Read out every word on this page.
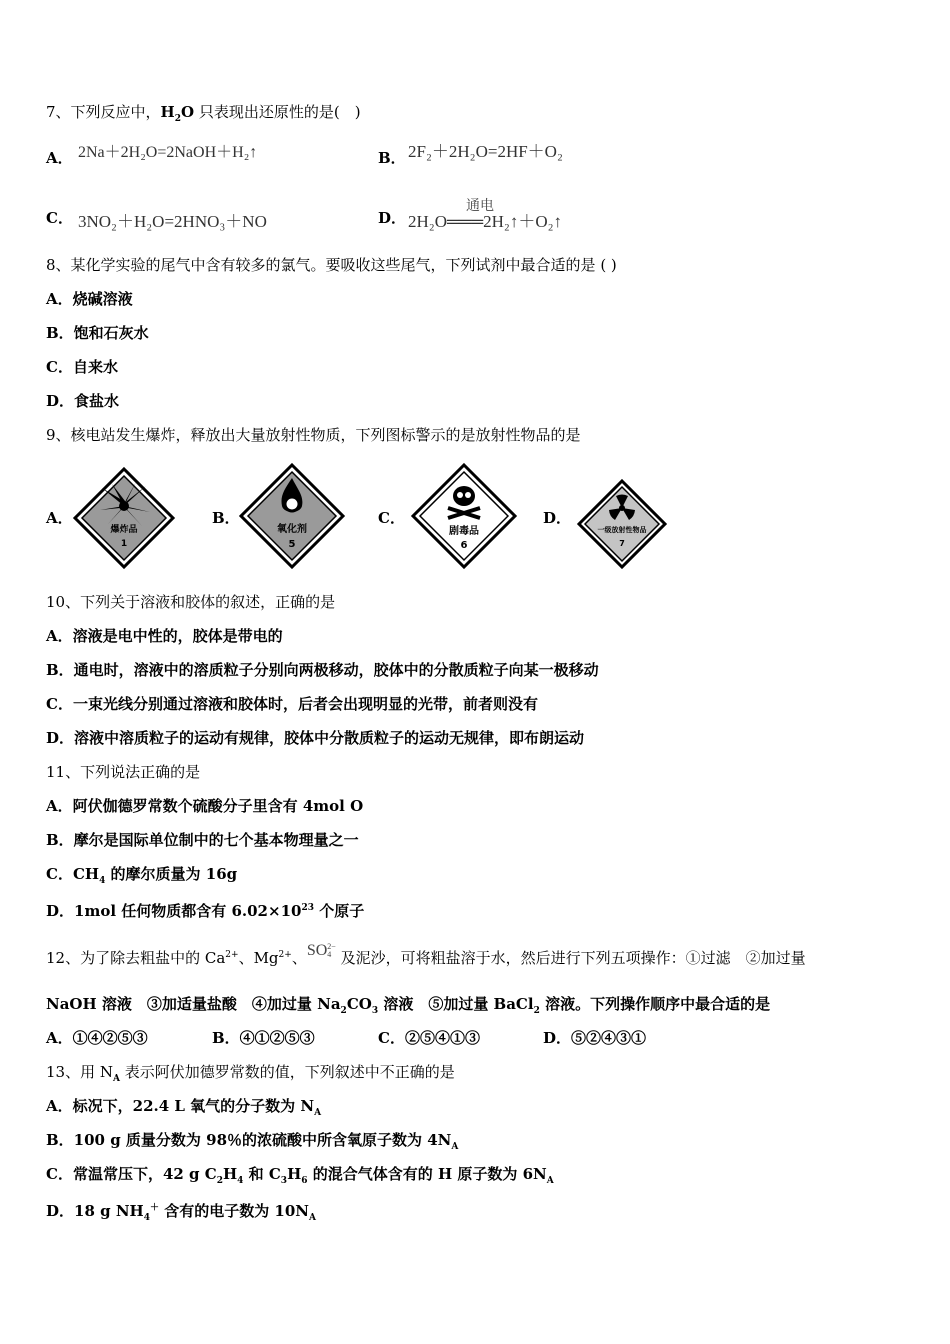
7、下列反应中，$H_2O$ 只表现出还原性的是(　)
A． 2Na＋2H₂O=2NaOH＋H₂↑	B． 2F₂＋2H₂O=2HF＋O₂
C． 3NO₂＋H₂O=2HNO₃＋NO	D．
通电
2H₂O═══2H₂↑＋O₂↑
8、某化学实验的尾气中含有较多的氯气。要吸收这些尾气，下列试剂中最合适的是 ( )
A．烧碱溶液
B．饱和石灰水
C．自来水
D．食盐水
9、核电站发生爆炸，释放出大量放射性物质，下列图标警示的是放射性物品的是
A．
爆炸品
1
B．
氧化剂
5
C．
剧毒品
6
D．
一级放射性物品
7
10、下列关于溶液和胶体的叙述，正确的是
A．溶液是电中性的，胶体是带电的
B．通电时，溶液中的溶质粒子分别向两极移动，胶体中的分散质粒子向某一极移动
C．一束光线分别通过溶液和胶体时，后者会出现明显的光带，前者则没有
D．溶液中溶质粒子的运动有规律，胶体中分散质粒子的运动无规律，即布朗运动
11、下列说法正确的是
A．阿伏伽德罗常数个硫酸分子里含有 4mol O
B．摩尔是国际单位制中的七个基本物理量之一
C．$CH_4$ 的摩尔质量为 16g
D．1mol 任何物质都含有 $6.02\times 10^{23}$ 个原子
12、为了除去粗盐中的 $Ca^{2+}$、$Mg^{2+}$、SO 2−
4 及泥沙，可将粗盐溶于水，然后进行下列五项操作：①过滤　②加过量
NaOH 溶液　③加适量盐酸　④加过量 $Na_2CO_3$ 溶液　⑤加过量 BaCl$_2$ 溶液。下列操作顺序中最合适的是
A．①④②⑤③	B．④①②⑤③	C．②⑤④①③	D．⑤②④③①
13、用 $N_A$ 表示阿伏加德罗常数的值，下列叙述中不正确的是
A．标况下，22.4 L 氧气的分子数为 $N_A$
B．100 g 质量分数为 98％的浓硫酸中所含氧原子数为 $4N_A$
C．常温常压下，42 g $C_2H_4$ 和 $C_3H_6$ 的混合气体含有的 H 原子数为 $6N_A$
D．18 g $NH_4^+$ 含有的电子数为 $10N_A$
